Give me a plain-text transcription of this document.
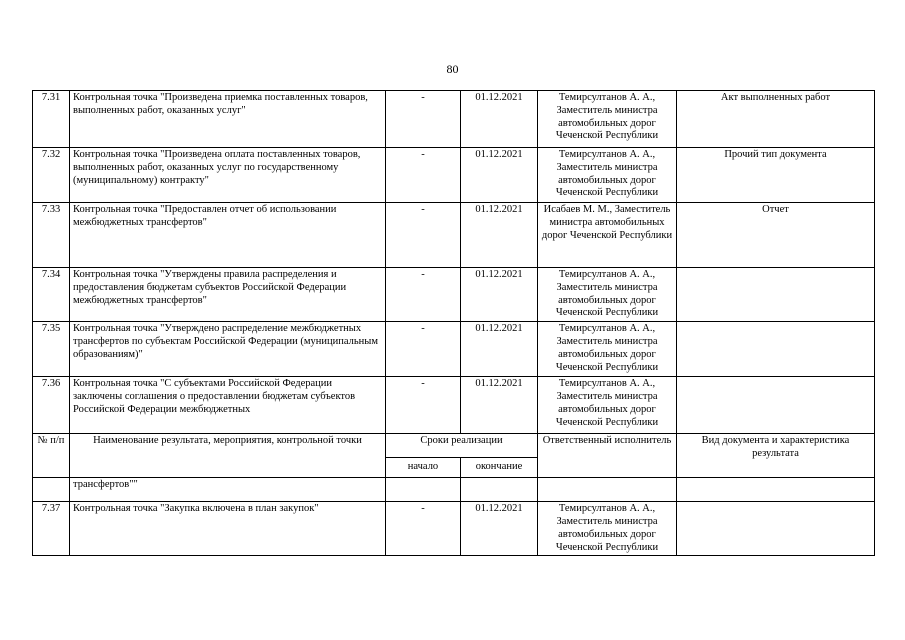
80
7.31	Контрольная точка "Произведена приемка поставленных товаров, выполненных работ, оказанных услуг"	-	01.12.2021	Темирсултанов А. А., Заместитель министра автомобильных дорог Чеченской Республики	Акт выполненных работ
7.32	Контрольная точка "Произведена оплата поставленных товаров, выполненных работ, оказанных услуг по государственному (муниципальному) контракту"	-	01.12.2021	Темирсултанов А. А., Заместитель министра автомобильных дорог Чеченской Республики	Прочий тип документа
7.33	Контрольная точка "Предоставлен отчет об использовании межбюджетных трансфертов"	-	01.12.2021	Исабаев М. М., Заместитель министра автомобильных дорог Чеченской Республики	Отчет
7.34	Контрольная точка "Утверждены правила распределения и предоставления бюджетам субъектов Российской Федерации межбюджетных трансфертов"	-	01.12.2021	Темирсултанов А. А., Заместитель министра автомобильных дорог Чеченской Республики	
7.35	Контрольная точка "Утверждено распределение межбюджетных трансфертов по субъектам Российской Федерации (муниципальным образованиям)"	-	01.12.2021	Темирсултанов А. А., Заместитель министра автомобильных дорог Чеченской Республики	
7.36	Контрольная точка "С субъектами Российской Федерации заключены соглашения о предоставлении бюджетам субъектов Российской Федерации межбюджетных	-	01.12.2021	Темирсултанов А. А., Заместитель министра автомобильных дорог Чеченской Республики	
№ п/п	Наименование результата, мероприятия, контрольной точки	Сроки реализации		Ответственный исполнитель	Вид документа и характеристика результата
		начало	окончание		
	трансфертов""				
7.37	Контрольная точка "Закупка включена в план закупок"	-	01.12.2021	Темирсултанов А. А., Заместитель министра автомобильных дорог Чеченской Республики	
